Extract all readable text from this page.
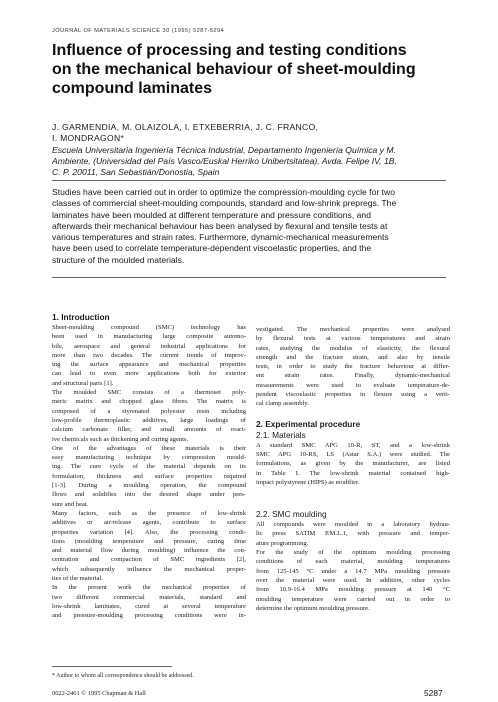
JOURNAL OF MATERIALS SCIENCE 30 (1995) 5287-5294
Influence of processing and testing conditions
on the mechanical behaviour of sheet-moulding
compound laminates
J. GARMENDIA, M. OLAIZOLA, I. ETXEBERRIA, J. C. FRANCO,
I. MONDRAGON*
Escuela Universitaria Ingeniería Técnica Industrial, Departamento Ingeniería Química y M.
Ambiente, (Universidad del País Vasco/Euskal Herriko Unibertsitatea), Avda. Felipe IV, 1B,
C. P. 20011, San Sebastián/Donostia, Spain
Studies have been carried out in order to optimize the compression-moulding cycle for two
classes of commercial sheet-moulding compounds, standard and low-shrink prepregs. The
laminates have been moulded at different temperature and pressure conditions, and
afterwards their mechanical behaviour has been analysed by flexural and tensile tests at
various temperatures and strain rates. Furthermore, dynamic-mechanical measurements
have been used to correlate temperature-dependent viscoelastic properties, and the
structure of the moulded materials.
1. Introduction
Sheet-moulding compound (SMC) technology has
been used in manufacturing large composite automo-
bile, aerospace and general industrial applications for
more than two decades. The current trends of improv-
ing the surface appearance and mechanical properties
can lead to even more applications both for exterior
and structural parts [1].
The moulded SMC consists of a thermoset poly-
meric matrix and chopped glass fibres. The matrix is
composed of a styrenated polyester resin including
low-profile thermoplastic additives, large loadings of
calcium carbonate filler, and small amounts of react-
ive chemicals such as thickening and curing agents.
One of the advantages of these materials is their
easy manufacturing technique by compression mould-
ing. The cure cycle of the material depends on its
formulation, thickness and surface properties required
[1-3]. During a moulding operation, the compound
flows and solidifies into the desired shape under pres-
sure and heat.
Many factors, such as the presence of low-shrink
additives or air-release agents, contribute to surface
properties variation [4]. Also, the processing condi-
tions (moulding temperature and pressure, curing time
and material flow during moulding) influence the con-
centration and compaction of SMC ingredients [2],
which subsequently influence the mechanical proper-
ties of the material.
In the present work the mechanical properties of
two different commercial materials, standard and
low-shrink laminates, cured at several temperature
and pressure-moulding processing conditions were in-
vestigated. The mechanical properties were analysed
by flexural tests at various temperatures and strain
rates, studying the modulus of elasticity, the flexural
strength and the fracture strain, and also by tensile
tests, in order to study the fracture behaviour at differ-
ent strain rates. Finally, dynamic-mechanical
measurements were used to evaluate temperature-de-
pendent viscoelastic properties in flexure using a verti-
cal clamp assembly.
2. Experimental procedure
2.1. Materials
A standard SMC APG 10-R, ST, and a low-shrink
SMC APG 10-RS, LS (Astar S.A.) were studied. The
formulations, as given by the manufacturer, are listed
in Table I. The low-shrink material contained high-
impact polystyrene (HIPS) as modifier.
2.2. SMC moulding
All compounds were moulded in a laboratory hydrau-
lic press SATIM P.M.L.1, with pressure and temper-
ature programming.
For the study of the optimum moulding processing
conditions of each material, moulding temperatures
from 125-145 °C under a 14.7 MPa moulding pressure
over the material were used. In addition, other cycles
from 10.9-16.4 MPa moulding pressure at 140 °C
moulding temperature were carried out in order to
determine the optimum moulding pressure.
* Author to whom all correspondence should be addressed.
0022-2461 © 1995 Chapman & Hall	5287
